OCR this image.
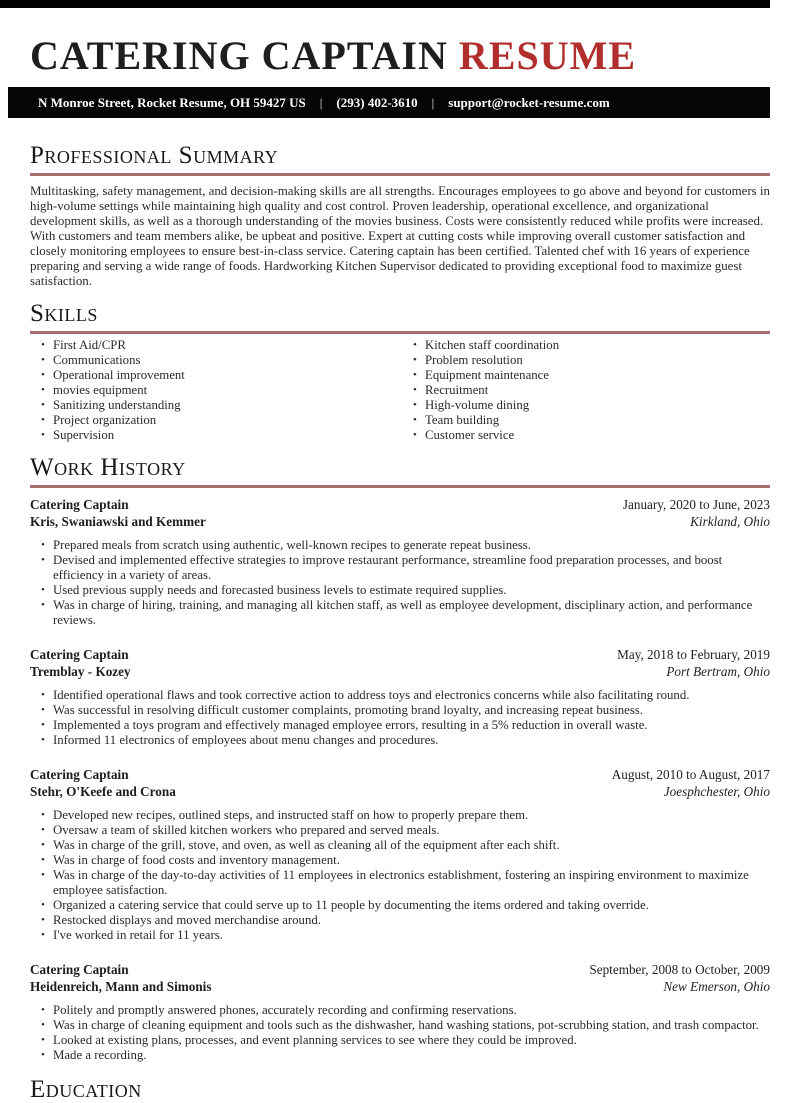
CATERING CAPTAIN RESUME
N Monroe Street, Rocket Resume, OH 59427 US	|	(293) 402-3610	|	support@rocket-resume.com
Professional Summary

Multitasking, safety management, and decision-making skills are all strengths. Encourages employees to go above and beyond for customers in high-volume settings while maintaining high quality and cost control. Proven leadership, operational excellence, and organizational development skills, as well as a thorough understanding of the movies business. Costs were consistently reduced while profits were increased. With customers and team members alike, be upbeat and positive. Expert at cutting costs while improving overall customer satisfaction and closely monitoring employees to ensure best-in-class service. Catering captain has been certified. Talented chef with 16 years of experience preparing and serving a wide range of foods. Hardworking Kitchen Supervisor dedicated to providing exceptional food to maximize guest satisfaction.

Skills
• First Aid/CPR
• Communications
• Operational improvement
• movies equipment
• Sanitizing understanding
• Project organization
• Supervision
• Kitchen staff coordination
• Problem resolution
• Equipment maintenance
• Recruitment
• High-volume dining
• Team building
• Customer service
Work History
Catering Captain	January, 2020 to June, 2023
Kris, Swaniawski and Kemmer	Kirkland, Ohio
• Prepared meals from scratch using authentic, well-known recipes to generate repeat business.
• Devised and implemented effective strategies to improve restaurant performance, streamline food preparation processes, and boost efficiency in a variety of areas.
• Used previous supply needs and forecasted business levels to estimate required supplies.
• Was in charge of hiring, training, and managing all kitchen staff, as well as employee development, disciplinary action, and performance reviews.
Catering Captain	May, 2018 to February, 2019
Tremblay - Kozey	Port Bertram, Ohio
• Identified operational flaws and took corrective action to address toys and electronics concerns while also facilitating round.
• Was successful in resolving difficult customer complaints, promoting brand loyalty, and increasing repeat business.
• Implemented a toys program and effectively managed employee errors, resulting in a 5% reduction in overall waste.
• Informed 11 electronics of employees about menu changes and procedures.
Catering Captain	August, 2010 to August, 2017
Stehr, O'Keefe and Crona	Joesphchester, Ohio
• Developed new recipes, outlined steps, and instructed staff on how to properly prepare them.
• Oversaw a team of skilled kitchen workers who prepared and served meals.
• Was in charge of the grill, stove, and oven, as well as cleaning all of the equipment after each shift.
• Was in charge of food costs and inventory management.
• Was in charge of the day-to-day activities of 11 employees in electronics establishment, fostering an inspiring environment to maximize employee satisfaction.
• Organized a catering service that could serve up to 11 people by documenting the items ordered and taking override.
• Restocked displays and moved merchandise around.
• I've worked in retail for 11 years.
Catering Captain	September, 2008 to October, 2009
Heidenreich, Mann and Simonis	New Emerson, Ohio
• Politely and promptly answered phones, accurately recording and confirming reservations.
• Was in charge of cleaning equipment and tools such as the dishwasher, hand washing stations, pot-scrubbing station, and trash compactor.
• Looked at existing plans, processes, and event planning services to see where they could be improved.
• Made a recording.
Education
